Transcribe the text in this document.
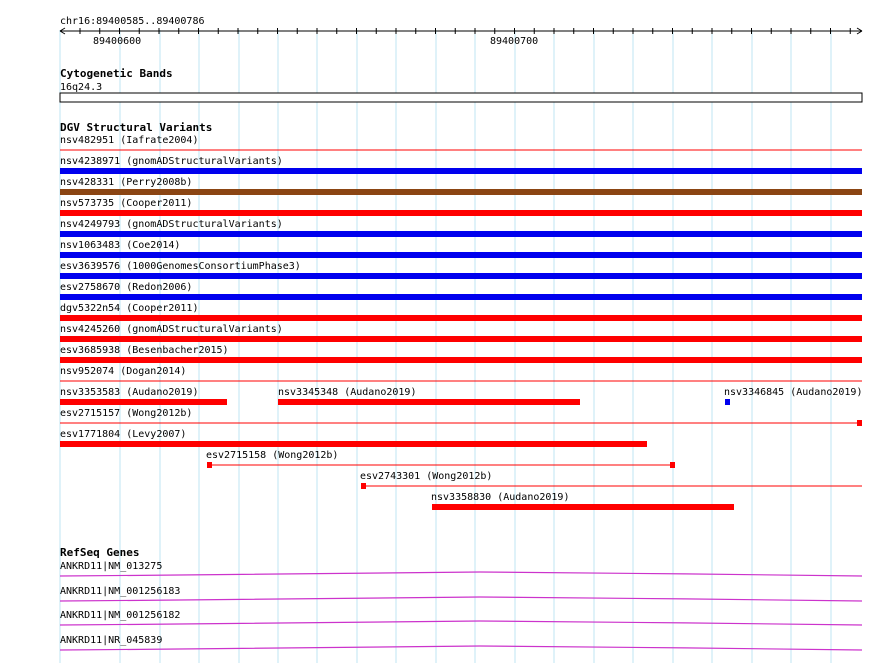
chr16:89400585..89400786
89400600	89400700
Cytogenetic Bands
16q24.3
DGV Structural Variants
nsv482951 (Iafrate2004)
nsv4238971 (gnomADStructuralVariants)
nsv428331 (Perry2008b)
nsv573735 (Cooper2011)
nsv4249793 (gnomADStructuralVariants)
nsv1063483 (Coe2014)
esv3639576 (1000GenomesConsortiumPhase3)
esv2758670 (Redon2006)
dgv5322n54 (Cooper2011)
nsv4245260 (gnomADStructuralVariants)
esv3685938 (Besenbacher2015)
nsv952074 (Dogan2014)
nsv3353583 (Audano2019)	nsv3345348 (Audano2019)	nsv3346845 (Audano2019)
esv2715157 (Wong2012b)
esv1771804 (Levy2007)
esv2715158 (Wong2012b)
esv2743301 (Wong2012b)
nsv3358830 (Audano2019)
RefSeq Genes
ANKRD11|NM_013275
ANKRD11|NM_001256183
ANKRD11|NM_001256182
ANKRD11|NR_045839
